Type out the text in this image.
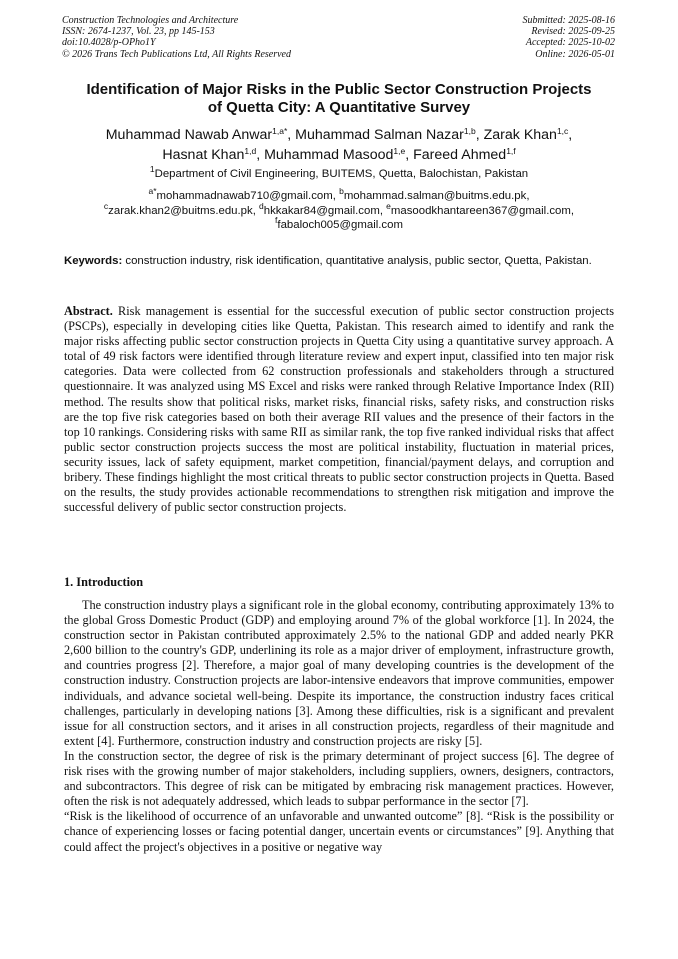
Construction Technologies and Architecture
ISSN: 2674-1237, Vol. 23, pp 145-153
doi:10.4028/p-OPho1Y
© 2026 Trans Tech Publications Ltd, All Rights Reserved
Submitted: 2025-08-16
Revised: 2025-09-25
Accepted: 2025-10-02
Online: 2026-05-01
Identification of Major Risks in the Public Sector Construction Projects
of Quetta City: A Quantitative Survey
Muhammad Nawab Anwar$^{1,a*}$, Muhammad Salman Nazar$^{1,b}$, Zarak Khan$^{1,c}$,
Hasnat Khan$^{1,d}$, Muhammad Masood$^{1,e}$, Fareed Ahmed$^{1,f}$
$^1$Department of Civil Engineering, BUITEMS, Quetta, Balochistan, Pakistan
$^{a*}$mohammadnawab710@gmail.com, $^b$mohammad.salman@buitms.edu.pk,
$^c$zarak.khan2@buitms.edu.pk, $^d$hkkakar84@gmail.com, $^e$masoodkhantareen367@gmail.com,
$^f$fabaloch005@gmail.com
Keywords: construction industry, risk identification, quantitative analysis, public sector, Quetta, Pakistan.
Abstract. Risk management is essential for the successful execution of public sector construction projects (PSCPs), especially in developing cities like Quetta, Pakistan. This research aimed to identify and rank the major risks affecting public sector construction projects in Quetta City using a quantitative survey approach. A total of 49 risk factors were identified through literature review and expert input, classified into ten major risk categories. Data were collected from 62 construction professionals and stakeholders through a structured questionnaire. It was analyzed using MS Excel and risks were ranked through Relative Importance Index (RII) method. The results show that political risks, market risks, financial risks, safety risks, and construction risks are the top five risk categories based on both their average RII values and the presence of their factors in the top 10 rankings. Considering risks with same RII as similar rank, the top five ranked individual risks that affect public sector construction projects success the most are political instability, fluctuation in material prices, security issues, lack of safety equipment, market competition, financial/payment delays, and corruption and bribery. These findings highlight the most critical threats to public sector construction projects in Quetta. Based on the results, the study provides actionable recommendations to strengthen risk mitigation and improve the successful delivery of public sector construction projects.
1. Introduction

The construction industry plays a significant role in the global economy, contributing approximately 13% to the global Gross Domestic Product (GDP) and employing around 7% of the global workforce [1]. In 2024, the construction sector in Pakistan contributed approximately 2.5% to the national GDP and added nearly PKR 2,600 billion to the country's GDP, underlining its role as a major driver of employment, infrastructure growth, and countries progress [2]. Therefore, a major goal of many developing countries is the development of the construction industry. Construction projects are labor-intensive endeavors that improve communities, empower individuals, and advance societal well-being. Despite its importance, the construction industry faces critical challenges, particularly in developing nations [3]. Among these difficulties, risk is a significant and prevalent issue for all construction sectors, and it arises in all construction projects, regardless of their magnitude and extent [4]. Furthermore, construction industry and construction projects are risky [5].

In the construction sector, the degree of risk is the primary determinant of project success [6]. The degree of risk rises with the growing number of major stakeholders, including suppliers, owners, designers, contractors, and subcontractors. This degree of risk can be mitigated by embracing risk management practices. However, often the risk is not adequately addressed, which leads to subpar performance in the sector [7].

“Risk is the likelihood of occurrence of an unfavorable and unwanted outcome” [8]. “Risk is the possibility or chance of experiencing losses or facing potential danger, uncertain events or circumstances” [9]. Anything that could affect the project's objectives in a positive or negative way
